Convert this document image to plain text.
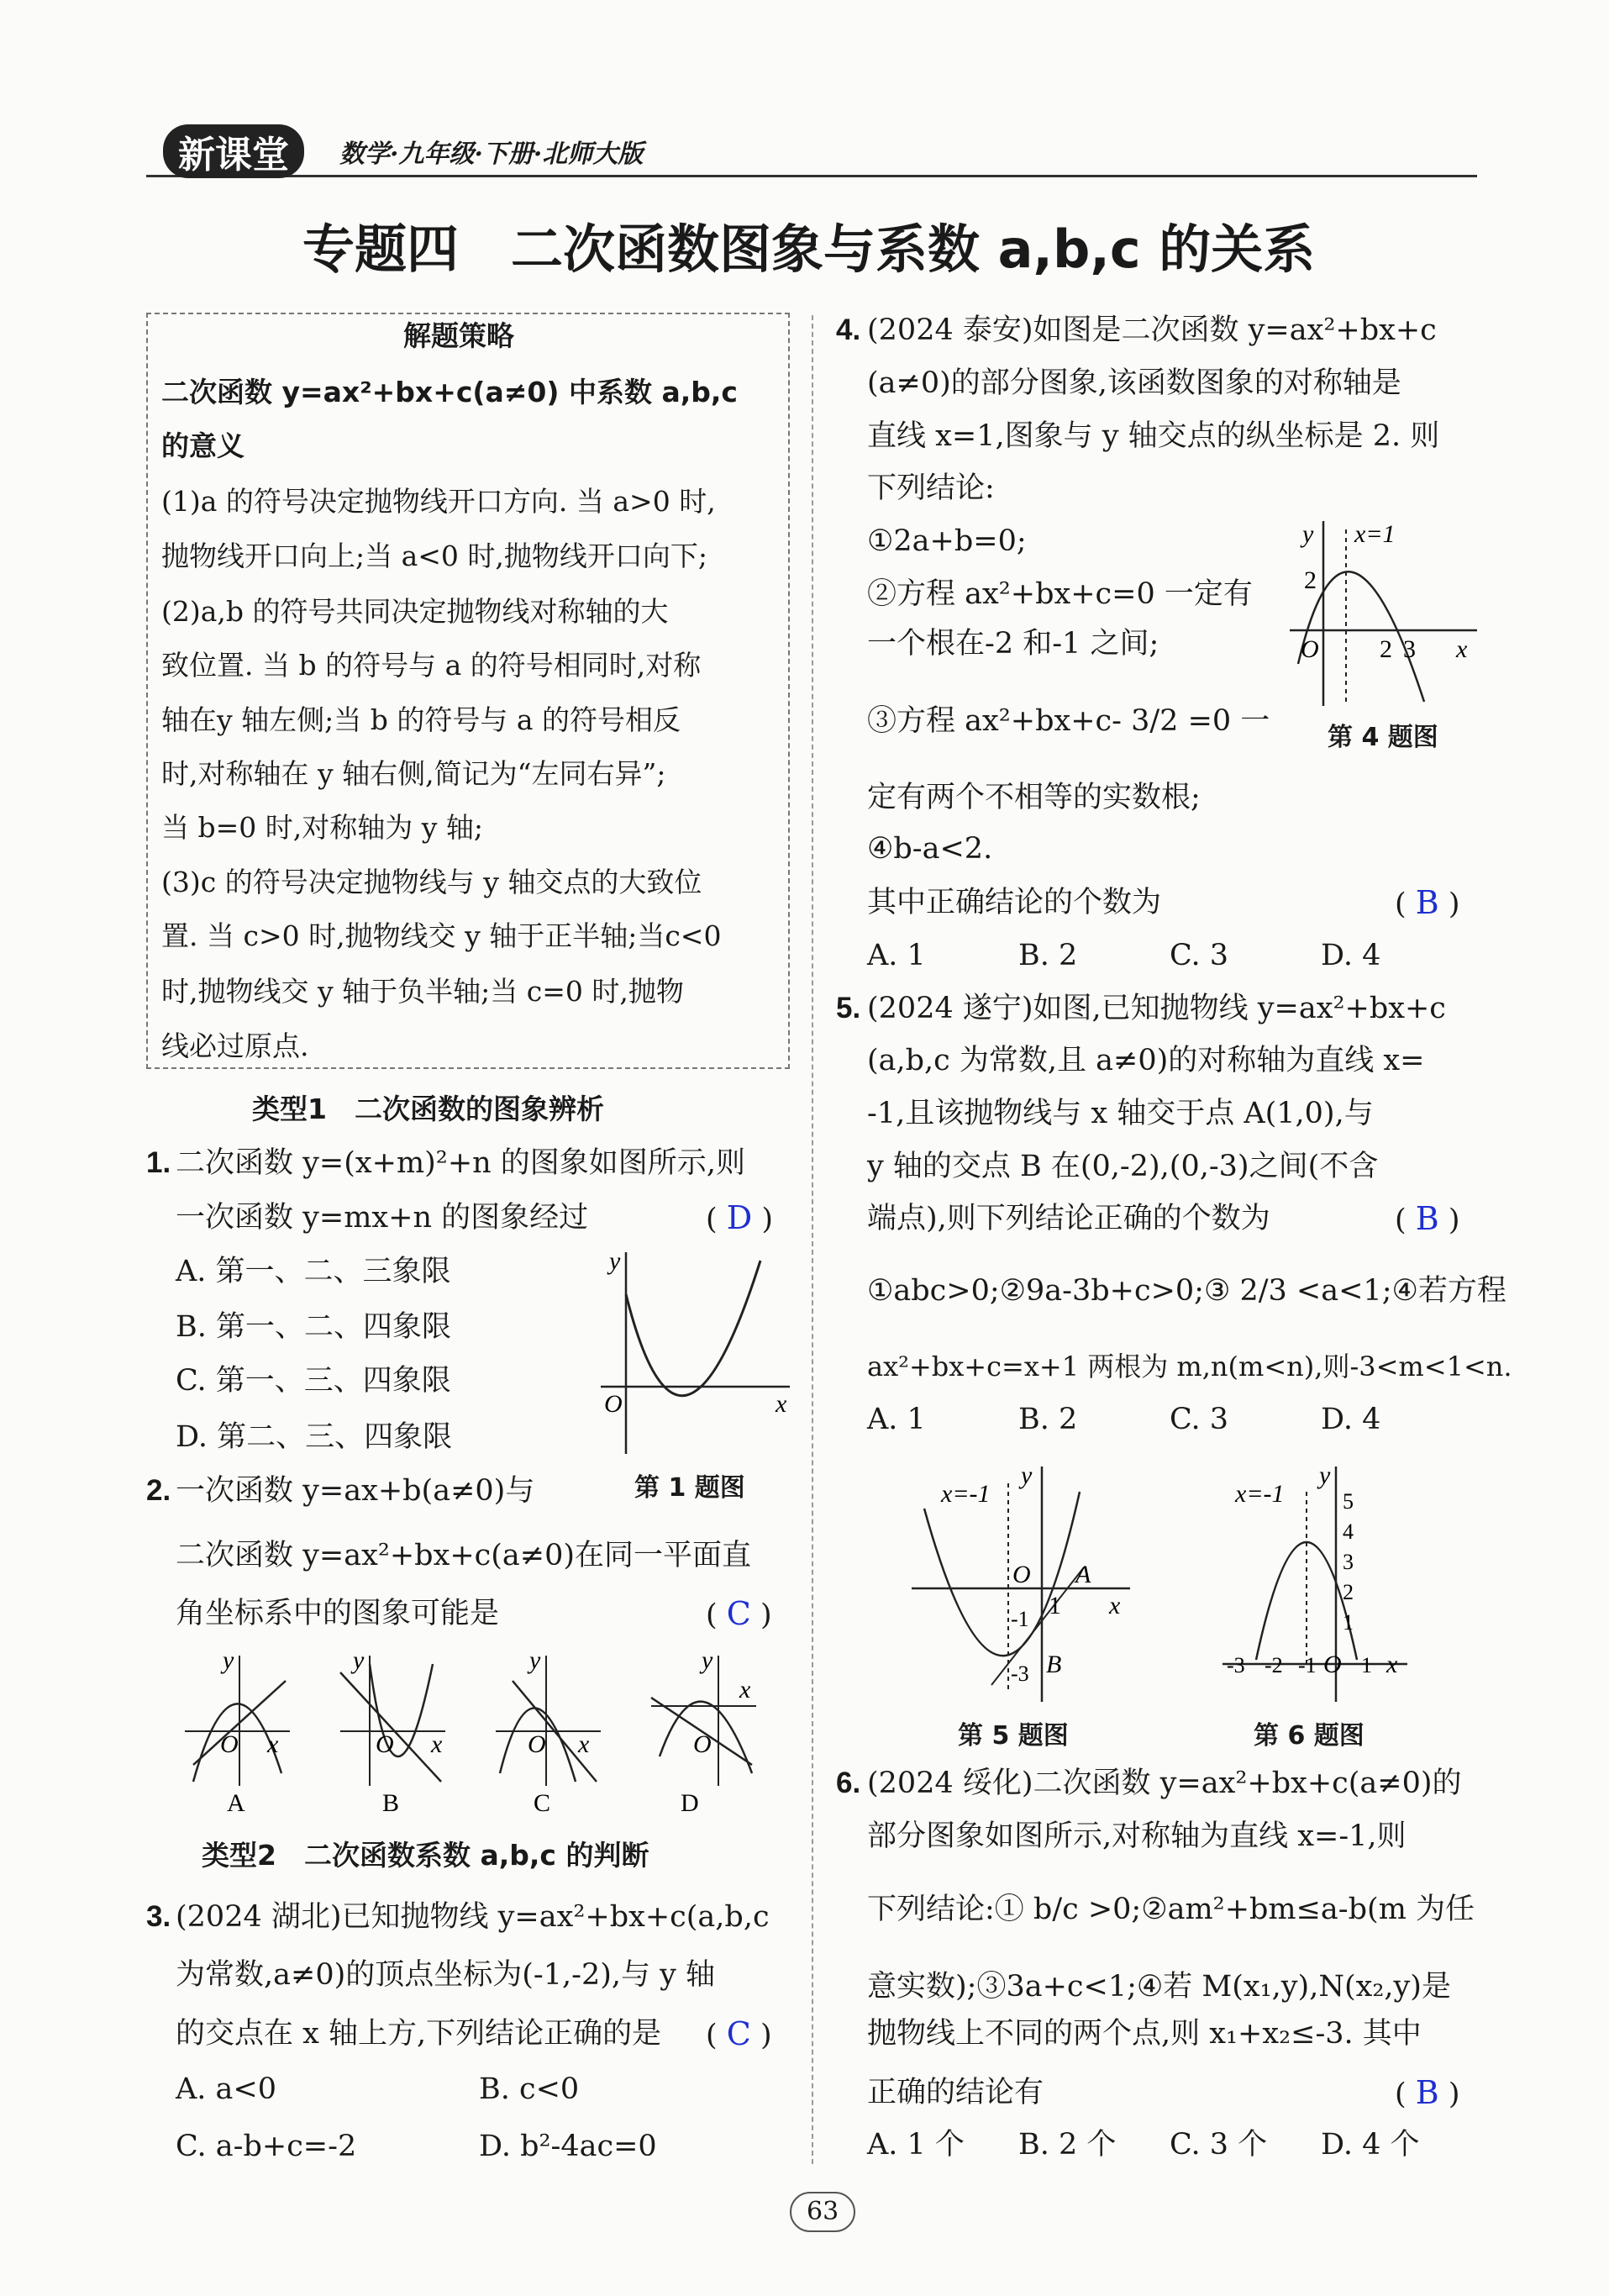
新课堂	数学·九年级·下册·北师大版
专题四　二次函数图象与系数 a,b,c 的关系
解题策略
二次函数 y=ax²+bx+c(a≠0) 中系数 a,b,c
的意义
(1)a 的符号决定抛物线开口方向. 当 a>0 时,
抛物线开口向上;当 a<0 时,抛物线开口向下;
(2)a,b 的符号共同决定抛物线对称轴的大
致位置. 当 b 的符号与 a 的符号相同时,对称
轴在y 轴左侧;当 b 的符号与 a 的符号相反
时,对称轴在 y 轴右侧,简记为“左同右异”;
当 b=0 时,对称轴为 y 轴;
(3)c 的符号决定抛物线与 y 轴交点的大致位
置. 当 c>0 时,抛物线交 y 轴于正半轴;当c<0
时,抛物线交 y 轴于负半轴;当 c=0 时,抛物
线必过原点.
类型1　二次函数的图象辨析
1. 二次函数 y=(x+m)²+n 的图象如图所示,则
一次函数 y=mx+n 的图象经过	( D )
A. 第一、二、三象限
B. 第一、二、四象限
C. 第一、三、四象限
D. 第二、三、四象限
y
O	x
第 1 题图
2. 一次函数 y=ax+b(a≠0)与
二次函数 y=ax²+bx+c(a≠0)在同一平面直
角坐标系中的图象可能是	( C )
y
O x
A
y
O x
B
y
O x
C
y
O
x
D
类型2　二次函数系数 a,b,c 的判断
3. (2024 湖北)已知抛物线 y=ax²+bx+c(a,b,c
为常数,a≠0)的顶点坐标为(-1,-2),与 y 轴
的交点在 x 轴上方,下列结论正确的是 ( C )
A. a<0	B. c<0
C. a-b+c=-2	D. b²-4ac=0
4. (2024 泰安)如图是二次函数 y=ax²+bx+c
(a≠0)的部分图象,该函数图象的对称轴是
直线 x=1,图象与 y 轴交点的纵坐标是 2. 则
下列结论:
①2a+b=0;
②方程 ax²+bx+c=0 一定有
一个根在-2 和-1 之间;
③方程 ax²+bx+c- 3/2 =0 一
定有两个不相等的实数根;
④b-a<2.
其中正确结论的个数为	( B )
A. 1	B. 2	C. 3	D. 4
y x=1
2
O 2 3 x
第 4 题图
5. (2024 遂宁)如图,已知抛物线 y=ax²+bx+c
(a,b,c 为常数,且 a≠0)的对称轴为直线 x=
-1,且该抛物线与 x 轴交于点 A(1,0),与
y 轴的交点 B 在(0,-2),(0,-3)之间(不含
端点),则下列结论正确的个数为	( B )
①abc>0;②9a-3b+c>0;③ 2/3 <a<1;④若方程
ax²+bx+c=x+1 两根为 m,n(m<n),则-3<m<1<n.
A. 1	B. 2	C. 3	D. 4
x=-1
y
O A
x
1
-1
-3 B
第 5 题图
x=-1
y
5
4
3
2
1
-3 -2 -1 O 1 x
第 6 题图
6. (2024 绥化)二次函数 y=ax²+bx+c(a≠0)的
部分图象如图所示,对称轴为直线 x=-1,则
下列结论:① b/c >0;②am²+bm≤a-b(m 为任
意实数);③3a+c<1;④若 M(x₁,y),N(x₂,y)是
抛物线上不同的两个点,则 x₁+x₂≤-3. 其中
正确的结论有	( B )
A. 1 个 B. 2 个 C. 3 个 D. 4 个
63
